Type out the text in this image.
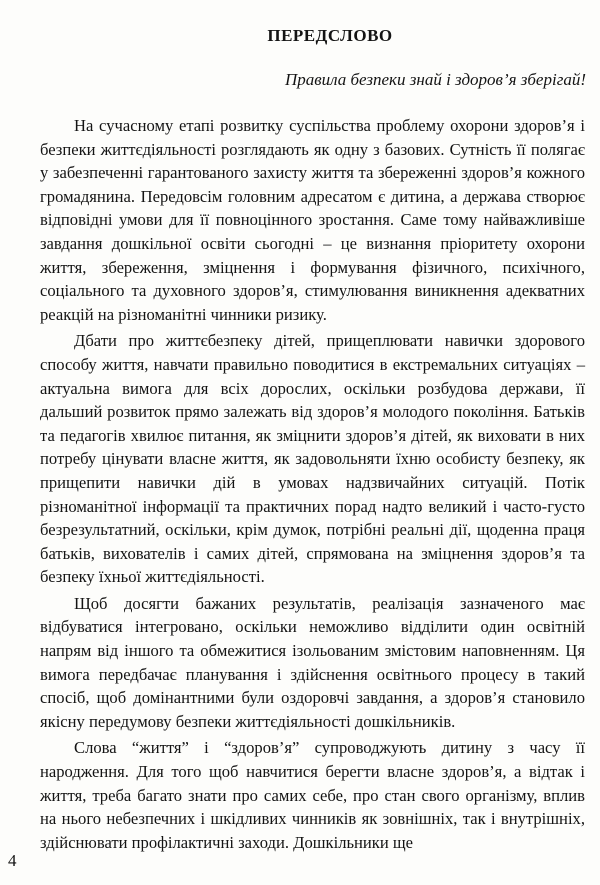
ПЕРЕДСЛОВО

Правила безпеки знай і здоров’я зберігай!

На сучасному етапі розвитку суспільства проблему охорони здоров’я і безпеки життєдіяльності розглядають як одну з базових. Сутність її полягає у забезпеченні гарантованого захисту життя та збереженні здоров’я кожного громадянина. Передовсім головним адресатом є дитина, а держава створює відповідні умови для її повноцінного зростання. Саме тому найважливіше завдання дошкільної освіти сьогодні – це визнання пріоритету охорони життя, збереження, зміцнення і формування фізичного, психічного, соціального та духовного здоров’я, стимулювання виникнення адекватних реакцій на різноманітні чинники ризику.

Дбати про життєбезпеку дітей, прищеплювати навички здорового способу життя, навчати правильно поводитися в екстремальних ситуаціях – актуальна вимога для всіх дорослих, оскільки розбудова держави, її дальший розвиток прямо залежать від здоров’я молодого покоління. Батьків та педагогів хвилює питання, як зміцнити здоров’я дітей, як виховати в них потребу цінувати власне життя, як задовольняти їхню особисту безпеку, як прищепити навички дій в умовах надзвичайних ситуацій. Потік різноманітної інформації та практичних порад надто великий і часто-густо безрезультатний, оскільки, крім думок, потрібні реальні дії, щоденна праця батьків, вихователів і самих дітей, спрямована на зміцнення здоров’я та безпеку їхньої життєдіяльності.

Щоб досягти бажаних результатів, реалізація зазначеного має відбуватися інтегровано, оскільки неможливо відділити один освітній напрям від іншого та обмежитися ізольованим змістовим наповненням. Ця вимога передбачає планування і здійснення освітнього процесу в такий спосіб, щоб домінантними були оздоровчі завдання, а здоров’я становило якісну передумову безпеки життєдіяльності дошкільників.

Слова “життя” і “здоров’я” супроводжують дитину з часу її народження. Для того щоб навчитися берегти власне здоров’я, а відтак і життя, треба багато знати про самих себе, про стан свого організму, вплив на нього небезпечних і шкідливих чинників як зовнішніх, так і внутрішніх, здійснювати профілактичні заходи. Дошкільники ще

4
